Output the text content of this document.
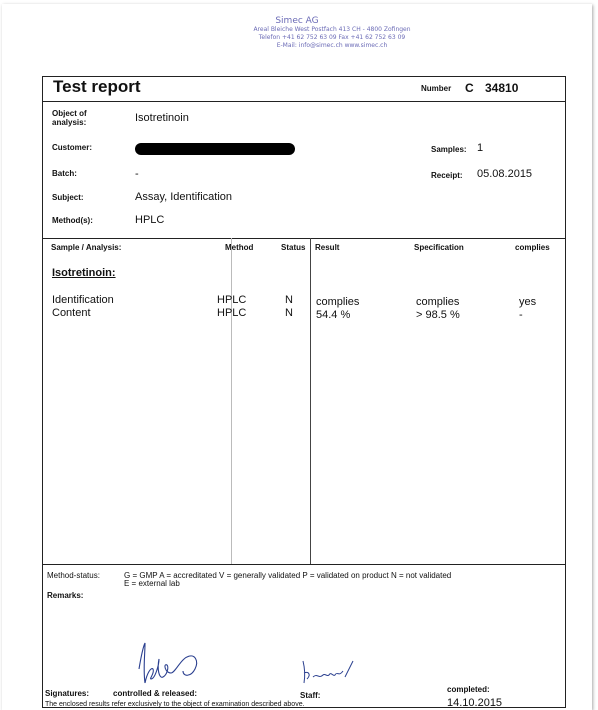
Simec AG
Areal Bleiche West Postfach 413 CH - 4800 Zofingen
Telefon +41 62 752 63 09 Fax +41 62 752 63 09
E-Mail: info@simec.ch www.simec.ch
Test report	Number C 34810
Object of analysis:	Isotretinoin
Customer:	Samples: 1
Batch:	-	Receipt: 05.08.2015
Subject:	Assay, Identification
Method(s):	HPLC
Sample / Analysis:	Method	Status Result	Specification	complies
Isotretinoin:
Identification	HPLC	N complies	complies	yes
Content	HPLC	N 54.4 %	> 98.5 %	-
Method-status:	G = GMP A = accreditated V = generally validated P = validated on product N = not validated
E = external lab
Remarks:
Signatures:	controlled & released:	Staff:
completed:
14.10.2015
The enclosed results refer exclusively to the object of examination described above.
